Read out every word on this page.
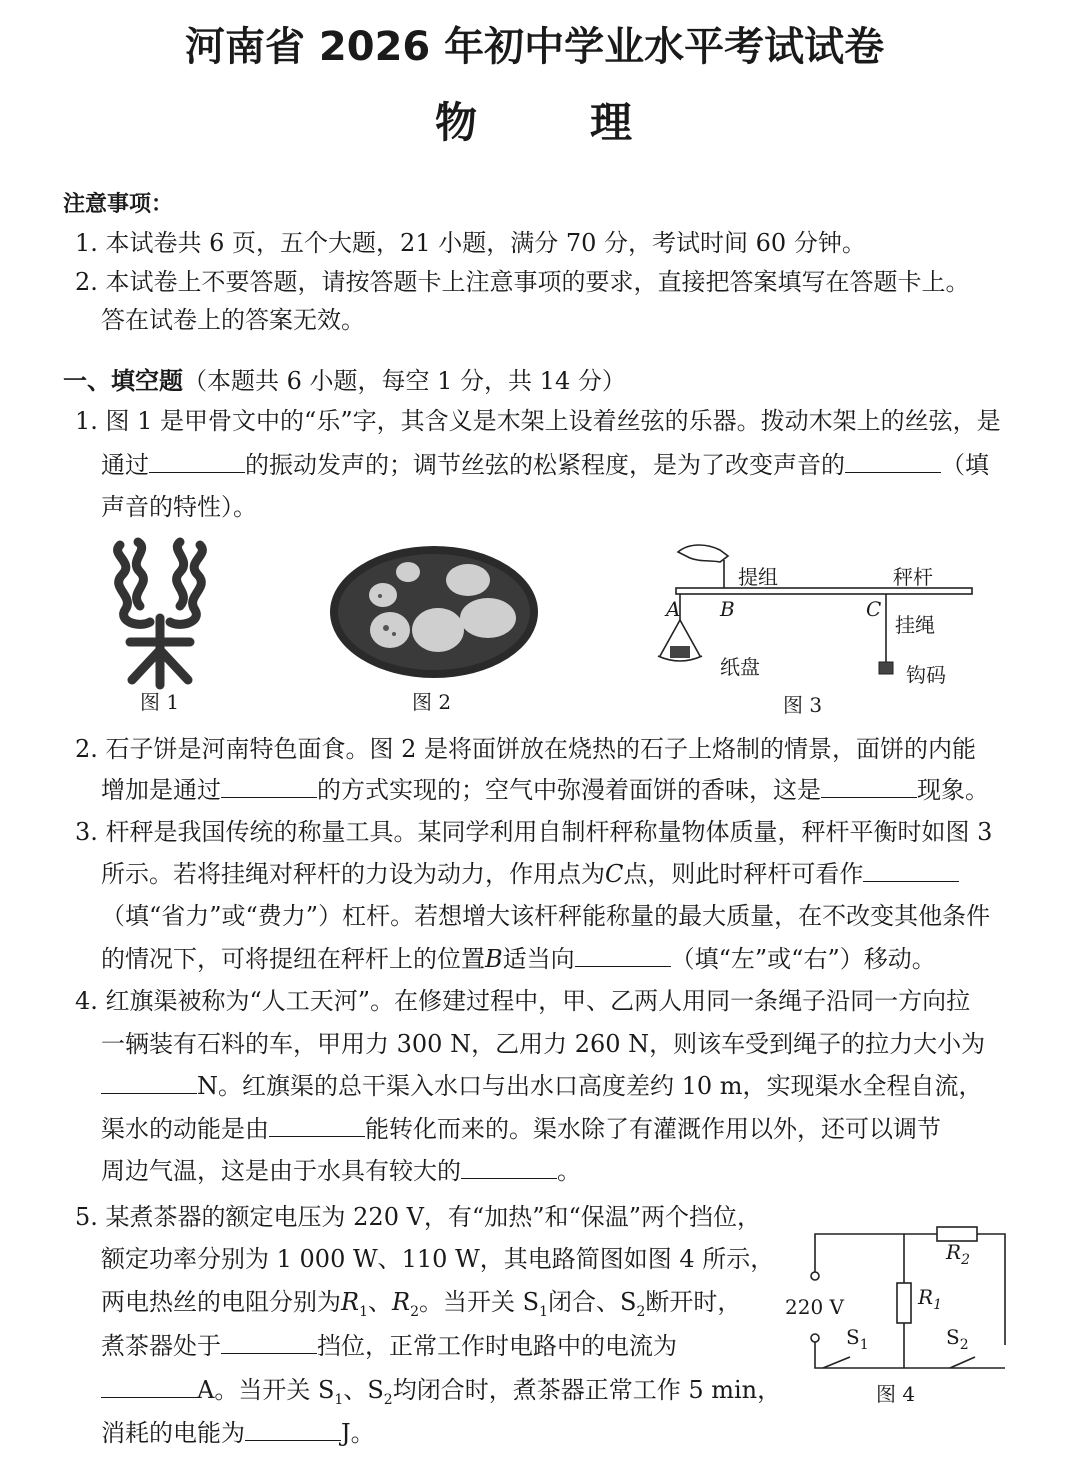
河南省 2026 年初中学业水平考试试卷
物	理
注意事项：
1. 本试卷共 6 页，五个大题，21 小题，满分 70 分，考试时间 60 分钟。
2. 本试卷上不要答题，请按答题卡上注意事项的要求，直接把答案填写在答题卡上。
答在试卷上的答案无效。
一、填空题（本题共 6 小题，每空 1 分，共 14 分）
1. 图 1 是甲骨文中的“乐”字，其含义是木架上设着丝弦的乐器。拨动木架上的丝弦，是
通过	的振动发声的；调节丝弦的松紧程度，是为了改变声音的	（填
声音的特性）。
图 1	图 2
提组	秤杆
A B	C
挂绳
纸盘	钩码
图 3
2. 石子饼是河南特色面食。图 2 是将面饼放在烧热的石子上烙制的情景，面饼的内能
增加是通过	的方式实现的；空气中弥漫着面饼的香味，这是	现象。
3. 杆秤是我国传统的称量工具。某同学利用自制杆秤称量物体质量，秤杆平衡时如图 3
所示。若将挂绳对秤杆的力设为动力，作用点为C点，则此时秤杆可看作
（填“省力”或“费力”）杠杆。若想增大该杆秤能称量的最大质量，在不改变其他条件
的情况下，可将提纽在秤杆上的位置B适当向	（填“左”或“右”）移动。
4. 红旗渠被称为“人工天河”。在修建过程中，甲、乙两人用同一条绳子沿同一方向拉
一辆装有石料的车，甲用力 300 N，乙用力 260 N，则该车受到绳子的拉力大小为
N。红旗渠的总干渠入水口与出水口高度差约 10 m，实现渠水全程自流，
渠水的动能是由	能转化而来的。渠水除了有灌溉作用以外，还可以调节
周边气温，这是由于水具有较大的	。
5. 某煮茶器的额定电压为 220 V，有“加热”和“保温”两个挡位，
额定功率分别为 1 000 W、110 W，其电路简图如图 4 所示，
两电热丝的电阻分别为$R_1$、$R_2$。当开关 $S_1$闭合、$S_2$断开时，
煮茶器处于	挡位，正常工作时电路中的电流为
A。当开关 $S_1$、$S_2$均闭合时，煮茶器正常工作 5 min，
消耗的电能为	J。
$R_2$
$R_1$
220 V
$S_1$	$S_2$
图 4
